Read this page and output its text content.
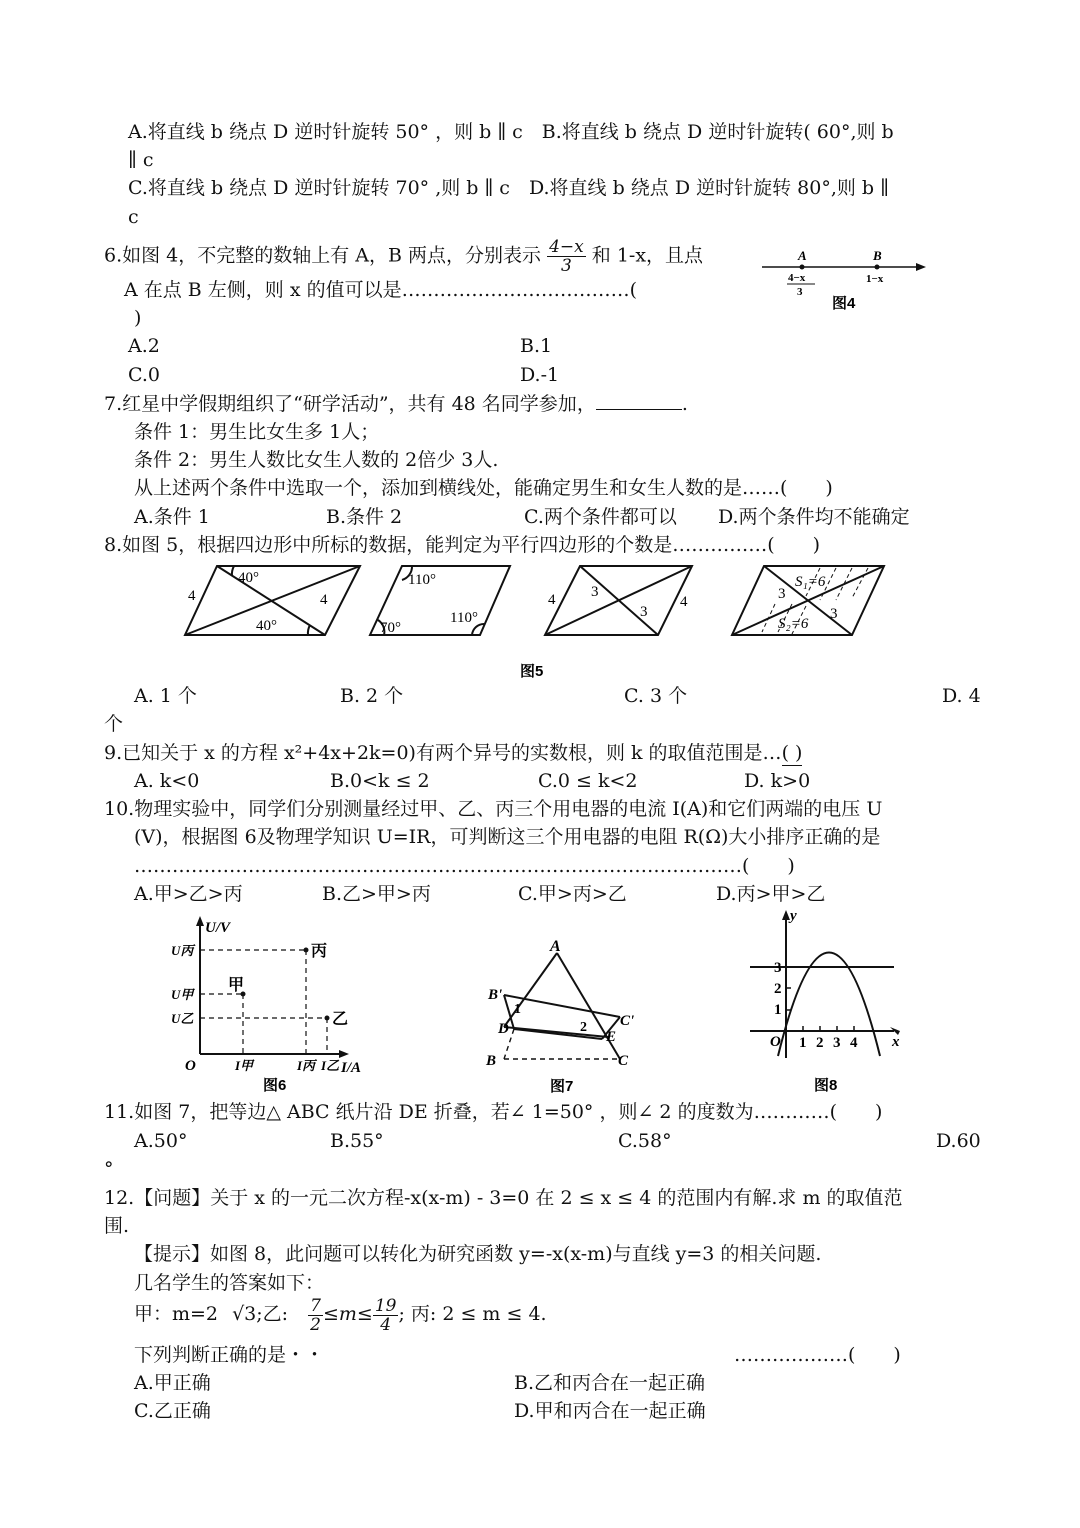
A.将直线 b 绕点 D 逆时针旋转 50° ，则 b ∥ c　B.将直线 b 绕点 D 逆时针旋转( 60°,则 b
∥ c
C.将直线 b 绕点 D 逆时针旋转 70° ,则 b ∥ c　D.将直线 b 绕点 D 逆时针旋转 80°,则 b ∥
c
6.如图 4，不完整的数轴上有 A，B 两点，分别表示 $\frac{4-x}{3}$ 和 1-x，且点
A 在点 B 左侧，则 x 的值可以是………………………………(
)
A.2	B.1
C.0	D.-1
A	B
4−x
3
1−x
图4
7.红星中学假期组织了“研学活动”，共有 48 名同学参加，	.
条件 1：男生比女生多 1人；
条件 2：男生人数比女生人数的 2倍少 3人.
从上述两个条件中选取一个，添加到横线处，能确定男生和女生人数的是……(　　)
A.条件 1	B.条件 2	C.两个条件都可以 D.两个条件均不能确定
8.如图 5，根据四边形中所标的数据，能判定为平行四边形的个数是……………(　　)
4
40°
4
40°
110°
110°
70°
4 3
3
4
S₁=6
S₂=6
3
3
图5
A. 1 个	B. 2 个	C. 3 个	D. 4
个
9.已知关于 x 的方程 x²+4x+2k=0)有两个异号的实数根，则 k 的取值范围是…( )
A. k<0	B.0<k ≤ 2	C.0 ≤ k<2	D. k>0
10.物理实验中，同学们分别测量经过甲、乙、丙三个用电器的电流 I(A)和它们两端的电压 U
(V)，根据图 6及物理学知识 U=IR，可判断这三个用电器的电阻 R(Ω)大小排序正确的是
……………………………………………………………………………………(　　)
A.甲>乙>丙	B.乙>甲>丙	C.甲>丙>乙	D.丙>甲>乙
U/V
I/A
O
U丙
U甲
U乙
I甲	I丙 I乙
丙
甲
乙
图6
A
B'
1
D	2 C'
E
B	C
图7
y
x
O
3
2
1
1 2 3 4
图8
11.如图 7，把等边△ ABC 纸片沿 DE 折叠，若∠ 1=50° ，则∠ 2 的度数为…………(　　)
A.50°	B.55°	C.58°	D.60
°
12.【问题】关于 x 的一元二次方程-x(x-m) - 3=0 在 2 ≤ x ≤ 4 的范围内有解.求 m 的取值范
围.
【提示】如图 8，此问题可以转化为研究函数 y=-x(x-m)与直线 y=3 的相关问题.
几名学生的答案如下：
甲：m=2 √3;乙: $\frac{7}{2} \le m\le \frac{19}{4}$ ; 丙: 2 ≤ m ≤ 4.
下列判断正确的是・・	………………(　　)
A.甲正确	B.乙和丙合在一起正确
C.乙正确	D.甲和丙合在一起正确
